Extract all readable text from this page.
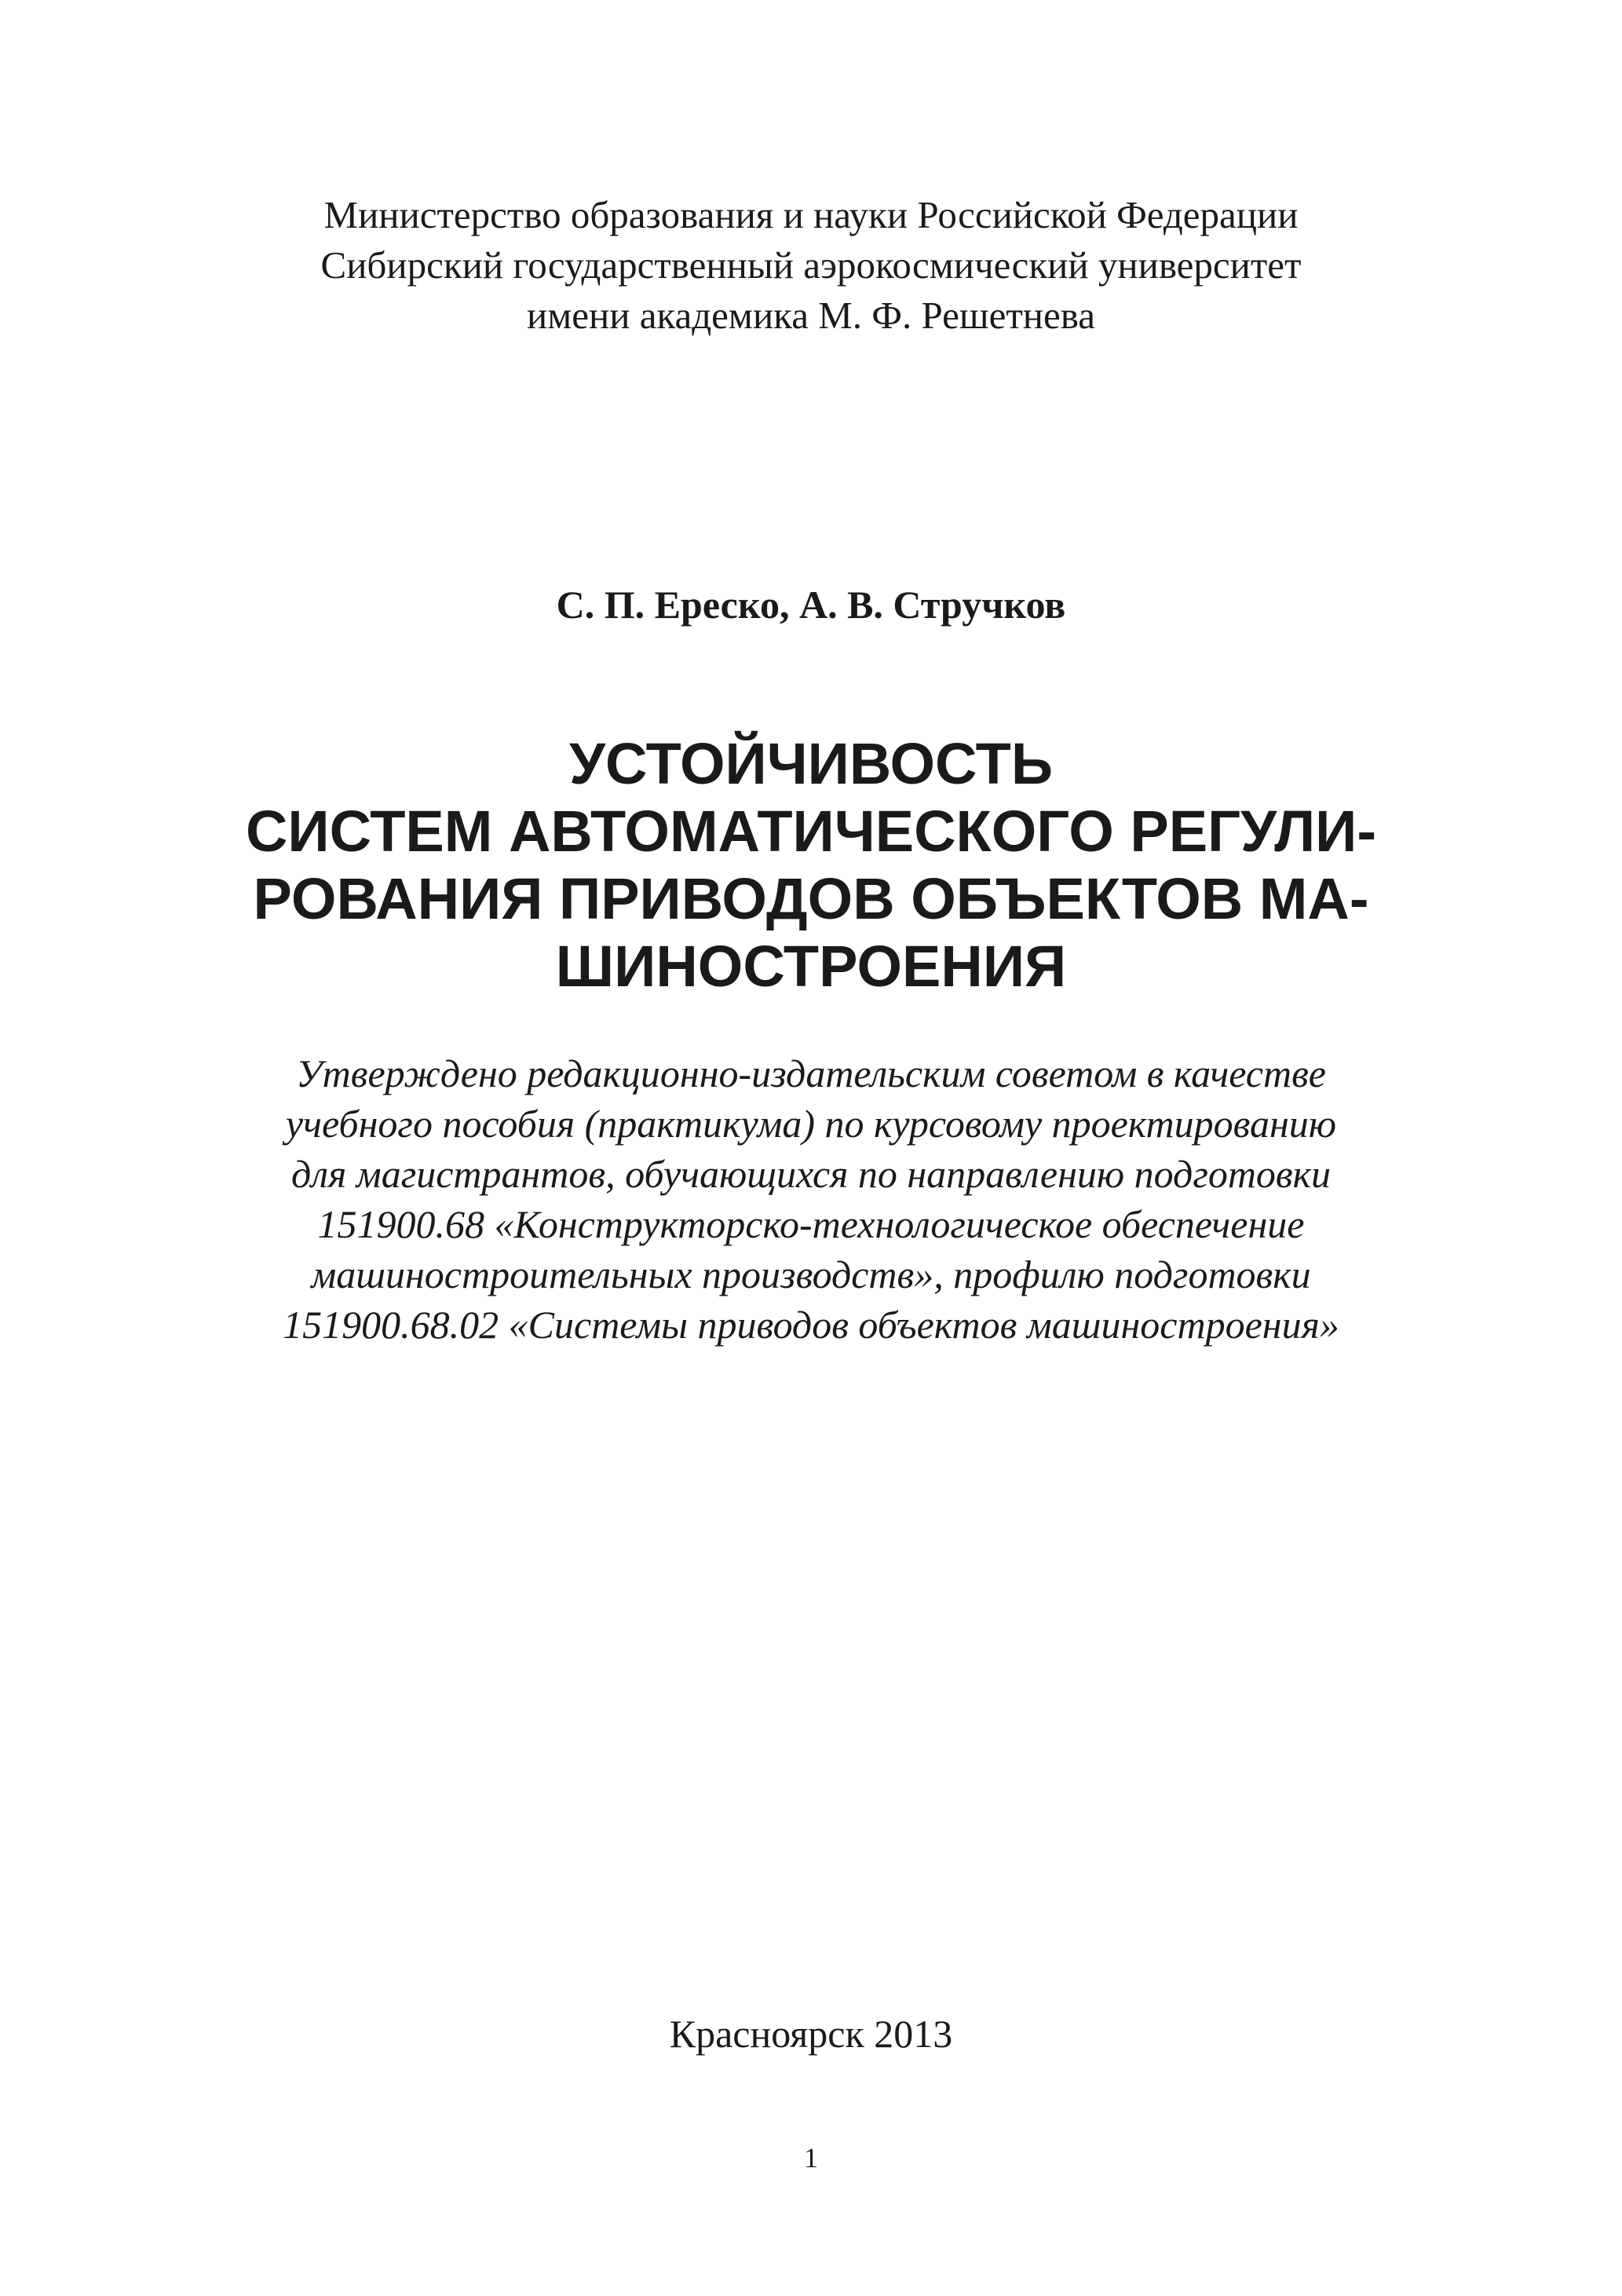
Министерство образования и науки Российской Федерации
Сибирский государственный аэрокосмический университет
имени академика М. Ф. Решетнева
С. П. Ереско, А. В. Стручков
УСТОЙЧИВОСТЬ
СИСТЕМ АВТОМАТИЧЕСКОГО РЕГУЛИ-
РОВАНИЯ ПРИВОДОВ ОБЪЕКТОВ МА-
ШИНОСТРОЕНИЯ
Утверждено редакционно-издательским советом в качестве
учебного пособия (практикума) по курсовому проектированию
для магистрантов, обучающихся по направлению подготовки
151900.68 «Конструкторско-технологическое обеспечение
машиностроительных производств», профилю подготовки
151900.68.02 «Системы приводов объектов машиностроения»
Красноярск 2013
1
